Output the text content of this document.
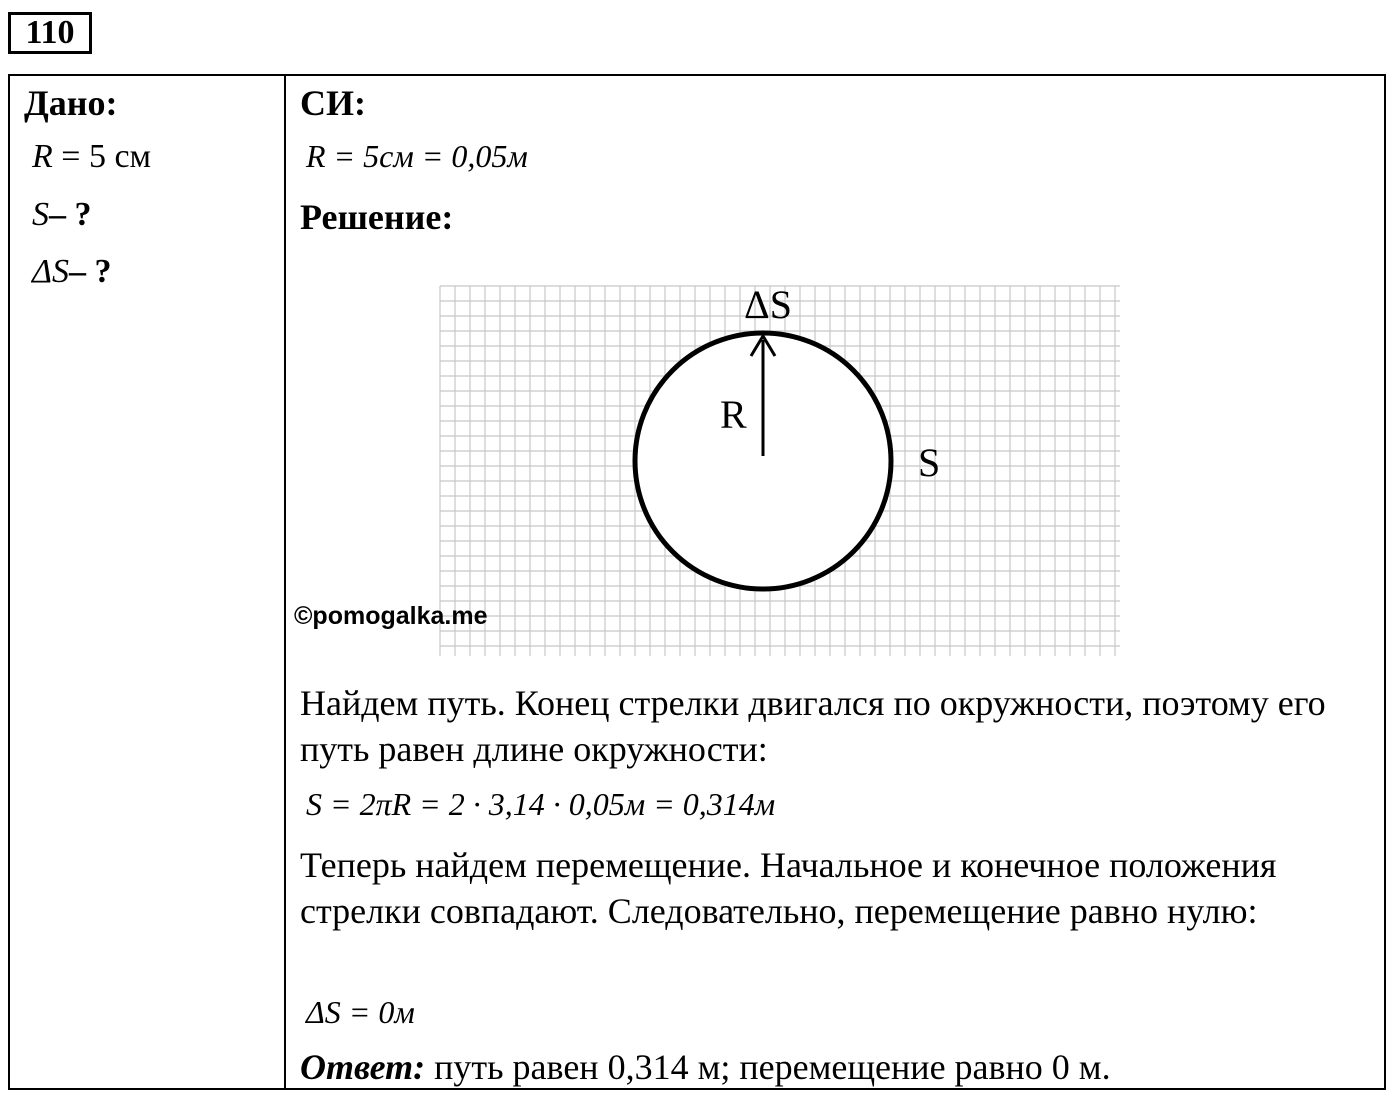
110
Дано:
R = 5 см
S– ?
ΔS– ?
СИ:
R = 5см = 0,05м
Решение:
ΔS
R
S
©pomogalka.me
Найдем путь. Конец стрелки двигался по окружности, поэтому его путь равен длине окружности:
S = 2πR = 2 · 3,14 · 0,05м = 0,314м
Теперь найдем перемещение. Начальное и конечное положения стрелки совпадают. Следовательно, перемещение равно нулю:
ΔS = 0м
Ответ: путь равен 0,314 м; перемещение равно 0 м.
